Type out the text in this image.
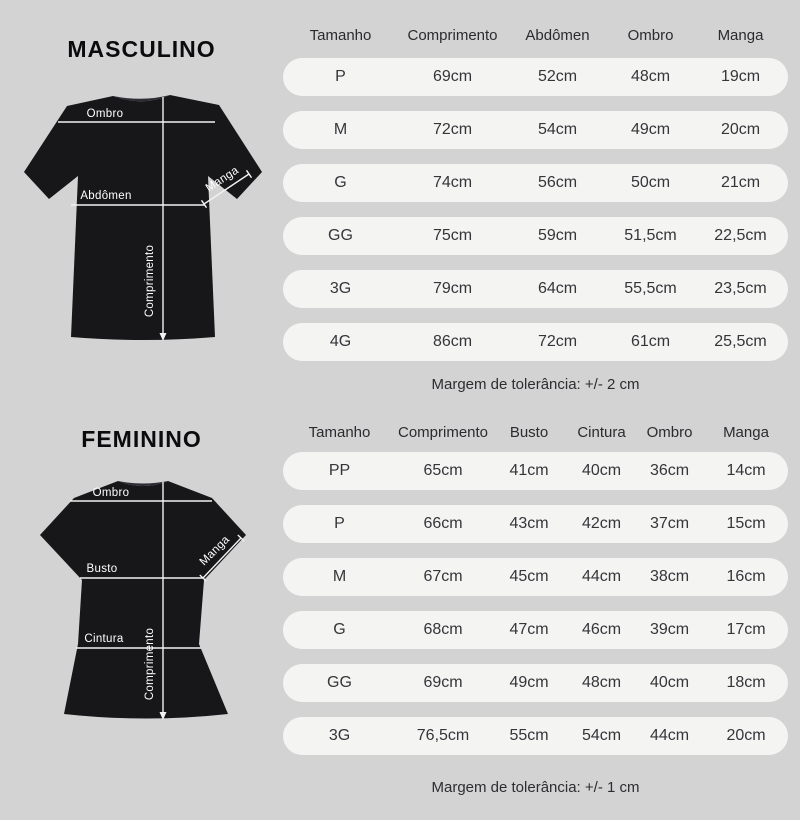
MASCULINO
Ombro
Abdômen
Manga
Comprimento
Tamanho	Comprimento	Abdômen	Ombro	Manga
P	69cm	52cm	48cm	19cm
M	72cm	54cm	49cm	20cm
G	74cm	56cm	50cm	21cm
GG	75cm	59cm	51,5cm	22,5cm
3G	79cm	64cm	55,5cm	23,5cm
4G	86cm	72cm	61cm	25,5cm
Margem de tolerância: +/- 2 cm
FEMININO
Ombro
Busto
Cintura
Manga
Comprimento
Tamanho	Comprimento	Busto	Cintura	Ombro	Manga
PP	65cm	41cm	40cm	36cm	14cm
P	66cm	43cm	42cm	37cm	15cm
M	67cm	45cm	44cm	38cm	16cm
G	68cm	47cm	46cm	39cm	17cm
GG	69cm	49cm	48cm	40cm	18cm
3G	76,5cm	55cm	54cm	44cm	20cm
Margem de tolerância: +/- 1 cm
